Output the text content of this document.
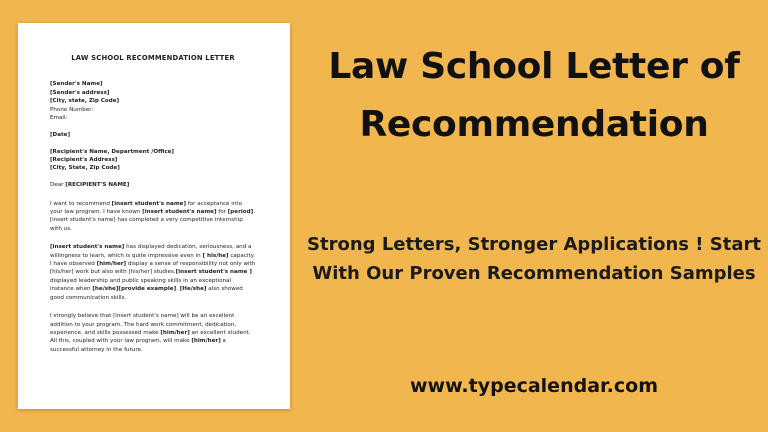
LAW SCHOOL RECOMMENDATION LETTER

[Sender's Name]

[Sender's address]

[City, state, Zip Code]

Phone Number:

Email:

[Date]

[Recipient's Name, Department /Office]

[Recipient's Address]

[City, State, Zip Code]

Dear [RECIPIENT'S NAME]

I want to recommend [insert student's name] for acceptance into your law program. I have known [insert student's name] for [period]. [insert student's name] has completed a very competitive internship with us.

[insert student's name] has displayed dedication, seriousness, and a willingness to learn, which is quite impressive even in [ his/he] capacity. I have observed [him/her] display a sense of responsibility not only with [his/her] work but also with [his/her] studies.[insert student's name ] displayed leadership and public speaking skills in an exceptional instance when [he/she][provide example]. [He/she] also showed good communication skills.

I strongly believe that [insert student's name] will be an excellent addition to your program. The hard work commitment, dedication, experience, and skills possessed make [him/her] an excellent student. All this, coupled with your law program, will make [him/her] a successful attorney in the future.

Law School Letter of Recommendation
Strong Letters, Stronger Applications ! Start With Our Proven Recommendation Samples
www.typecalendar.com
